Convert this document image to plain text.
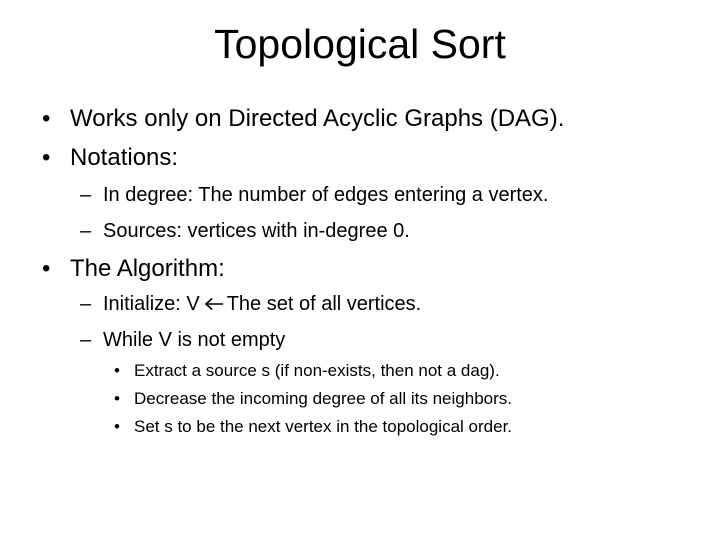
Topological Sort
• Works only on Directed Acyclic Graphs (DAG).
• Notations:
– In degree: The number of edges entering a vertex.
– Sources: vertices with in-degree 0.
• The Algorithm:
– Initialize: V The set of all vertices.
– While V is not empty
• Extract a source s (if non-exists, then not a dag).
• Decrease the incoming degree of all its neighbors.
• Set s to be the next vertex in the topological order.
